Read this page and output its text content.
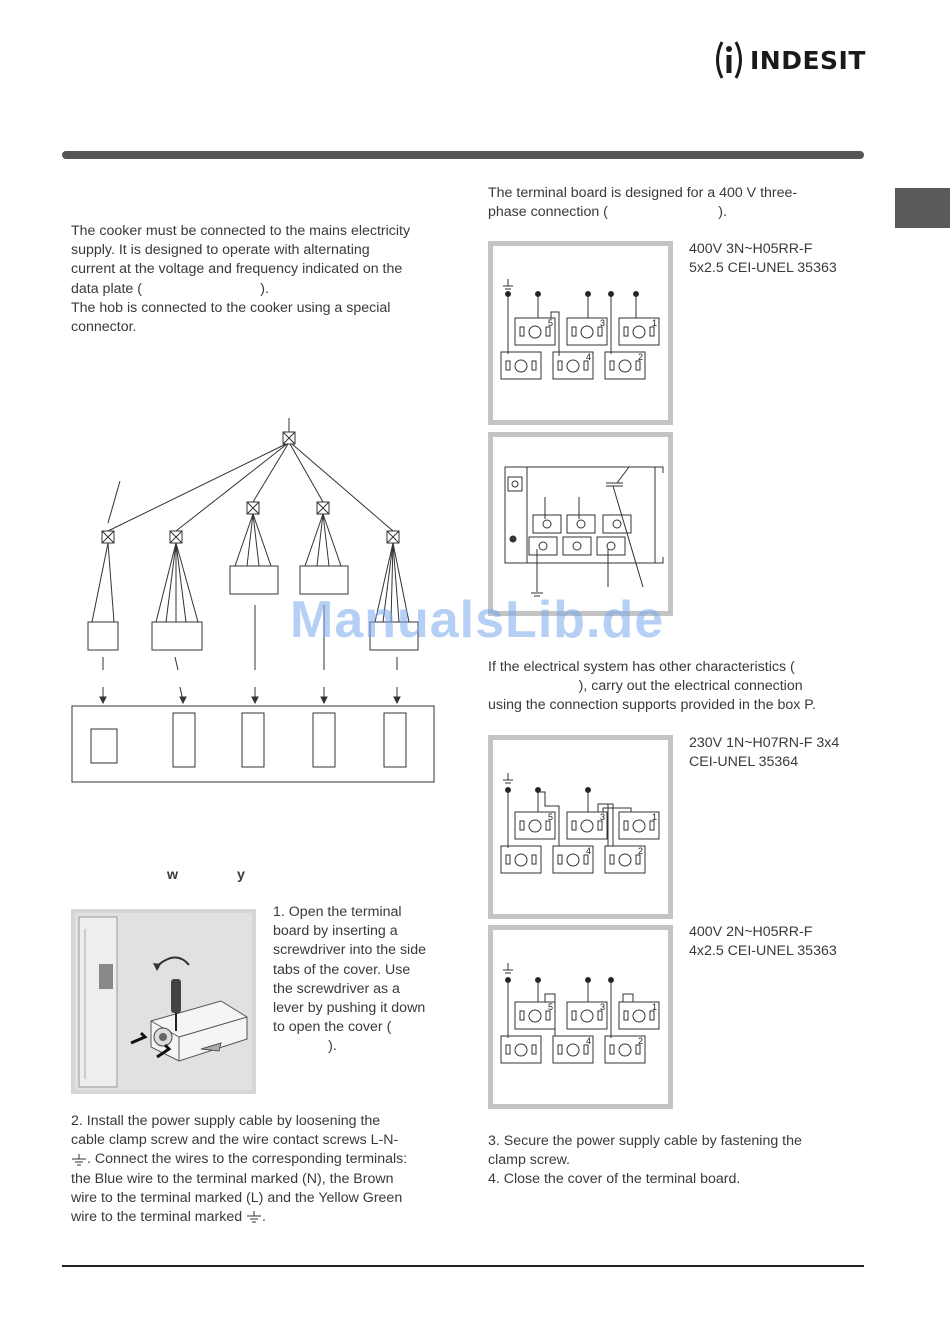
INDESIT
The cooker must be connected to the mains electricity
supply. It is designed to operate with alternating
current at the voltage and frequency indicated on the
data plate (                              ).
The hob is connected to the cooker using a special
connector.
w	y
1. Open the terminal
board by inserting a
screwdriver into the side
tabs of the cover. Use
the screwdriver as a
lever by pushing it down
to open the cover (
).
2. Install the power supply cable by loosening the
cable clamp screw and the wire contact screws L-N-
. Connect the wires to the corresponding terminals:
the Blue wire to the terminal marked (N), the Brown
wire to the terminal marked (L) and the Yellow Green
wire to the terminal marked .
The terminal board is designed for a 400 V three-
phase connection (                            ).
5	3	1
4	2
400V 3N~H05RR-F
5x2.5 CEI-UNEL 35363
ManualsLib.de
If the electrical system has other characteristics (
), carry out the electrical connection
using the connection supports provided in the box P.
5	3	1
4	2
230V 1N~H07RN-F 3x4
CEI-UNEL 35364
5	3	1
4	2
400V 2N~H05RR-F
4x2.5 CEI-UNEL 35363
3. Secure the power supply cable by fastening the
clamp screw.
4. Close the cover of the terminal board.
